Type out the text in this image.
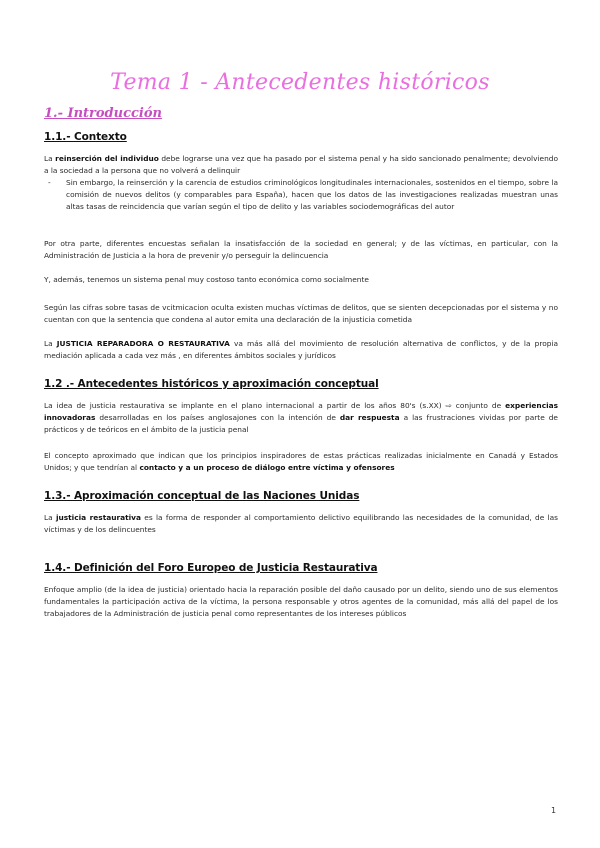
Tema 1 - Antecedentes históricos
1.- Introducción
1.1.- Contexto
La reinserción del individuo debe lograrse una vez que ha pasado por el sistema penal y ha sido sancionado penalmente; devolviendo a la sociedad a la persona que no volverá a delinquir
-	Sin embargo, la reinserción y la carencia de estudios criminológicos longitudinales internacionales, sostenidos en el tiempo, sobre la comisión de nuevos delitos (y comparables para España), hacen que los datos de las investigaciones realizadas muestran unas altas tasas de reincidencia que varían según el tipo de delito y las variables sociodemográficas del autor
Por otra parte, diferentes encuestas señalan la insatisfacción de la sociedad en general; y de las víctimas, en particular, con la Administración de Justicia a la hora de prevenir y/o perseguir la delincuencia
Y, además, tenemos un sistema penal muy costoso tanto económica como socialmente
Según las cifras sobre tasas de vcitmicacion oculta existen muchas víctimas de delitos, que se sienten decepcionadas por el sistema y no cuentan con que la sentencia que condena al autor emita una declaración de la injusticia cometida
La JUSTICIA REPARADORA O RESTAURATIVA va más allá del movimiento de resolución alternativa de conflictos, y de la propia mediación aplicada a cada vez más , en diferentes ámbitos sociales y jurídicos
1.2 .- Antecedentes históricos y aproximación conceptual
La idea de justicia restaurativa se implante en el plano internacional a partir de los años 80's (s.XX) ⇨ conjunto de experiencias innovadoras desarrolladas en los países anglosajones con la intención de dar respuesta a las frustraciones vividas por parte de prácticos y de teóricos en el ámbito de la justicia penal
El concepto aproximado que indican que los principios inspiradores de estas prácticas realizadas inicialmente en Canadá y Estados Unidos; y que tendrían al contacto y a un proceso de diálogo entre víctima y ofensores
1.3.- Aproximación conceptual de las Naciones Unidas
La justicia restaurativa es la forma de responder al comportamiento delictivo equilibrando las necesidades de la comunidad, de las víctimas y de los delincuentes
1.4.- Definición del Foro Europeo de Justicia Restaurativa
Enfoque amplio (de la idea de justicia) orientado hacia la reparación posible del daño causado por un delito, siendo uno de sus elementos fundamentales la participación activa de la víctima, la persona responsable y otros agentes de la comunidad, más allá del papel de los trabajadores de la Administración de justicia penal como representantes de los intereses públicos
1
